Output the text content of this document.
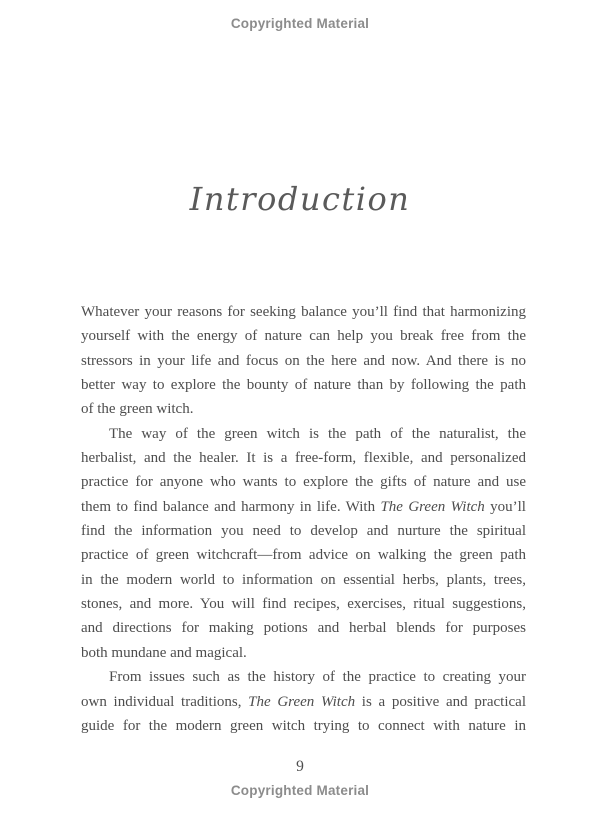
Copyrighted Material
Introduction
Whatever your reasons for seeking balance you’ll find that harmonizing
yourself with the energy of nature can help you break free from the
stressors in your life and focus on the here and now. And there is no
better way to explore the bounty of nature than by following the path
of the green witch.
The way of the green witch is the path of the naturalist, the
herbalist, and the healer. It is a free-form, flexible, and personalized
practice for anyone who wants to explore the gifts of nature and use
them to find balance and harmony in life. With The Green Witch you’ll
find the information you need to develop and nurture the spiritual
practice of green witchcraft—from advice on walking the green path
in the modern world to information on essential herbs, plants, trees,
stones, and more. You will find recipes, exercises, ritual suggestions,
and directions for making potions and herbal blends for purposes
both mundane and magical.
From issues such as the history of the practice to creating your
own individual traditions, The Green Witch is a positive and practical
guide for the modern green witch trying to connect with nature in
9
Copyrighted Material
